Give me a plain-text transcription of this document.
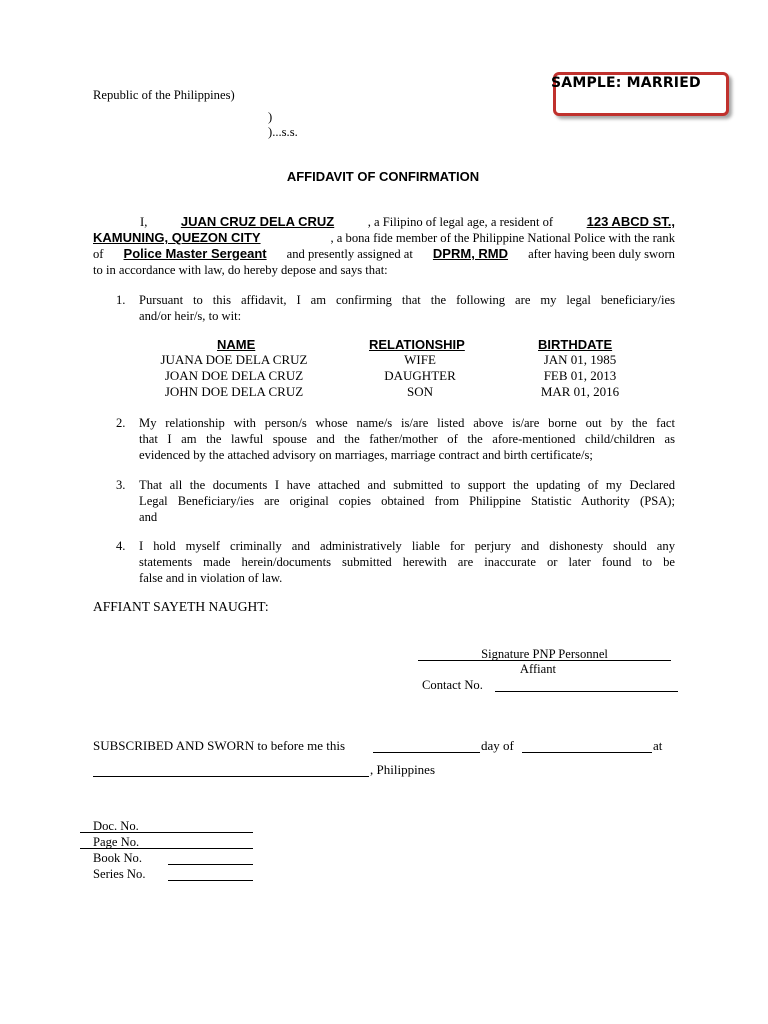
SAMPLE: MARRIED
Republic of the Philippines)
)
)...s.s.
AFFIDAVIT OF CONFIRMATION
I,	JUAN CRUZ DELA CRUZ	, a Filipino of legal age, a resident of	123 ABCD ST.,
KAMUNING, QUEZON CITY	, a bona fide member of the Philippine National Police with the rank
of Police Master Sergeant and presently assigned at DPRM, RMD after having been duly sworn
to in accordance with law, do hereby depose and says that:
1. Pursuant to this affidavit, I am confirming that the following are my legal beneficiary/ies
and/or heir/s, to wit:
NAME	RELATIONSHIP	BIRTHDATE
JUANA DOE DELA CRUZ	WIFE	JAN 01, 1985
JOAN DOE DELA CRUZ	DAUGHTER	FEB 01, 2013
JOHN DOE DELA CRUZ	SON	MAR 01, 2016
2. My relationship with person/s whose name/s is/are listed above is/are borne out by the fact
that I am the lawful spouse and the father/mother of the afore-mentioned child/children as
evidenced by the attached advisory on marriages, marriage contract and birth certificate/s;
3. That all the documents I have attached and submitted to support the updating of my Declared
Legal Beneficiary/ies are original copies obtained from Philippine Statistic Authority (PSA);
and
4. I hold myself criminally and administratively liable for perjury and dishonesty should any
statements made herein/documents submitted herewith are inaccurate or later found to be
false and in violation of law.
AFFIANT SAYETH NAUGHT:
Signature PNP Personnel
Affiant
Contact No.
SUBSCRIBED AND SWORN to before me this	day of	at
, Philippines
Doc. No.
Page No.
Book No.
Series No.
